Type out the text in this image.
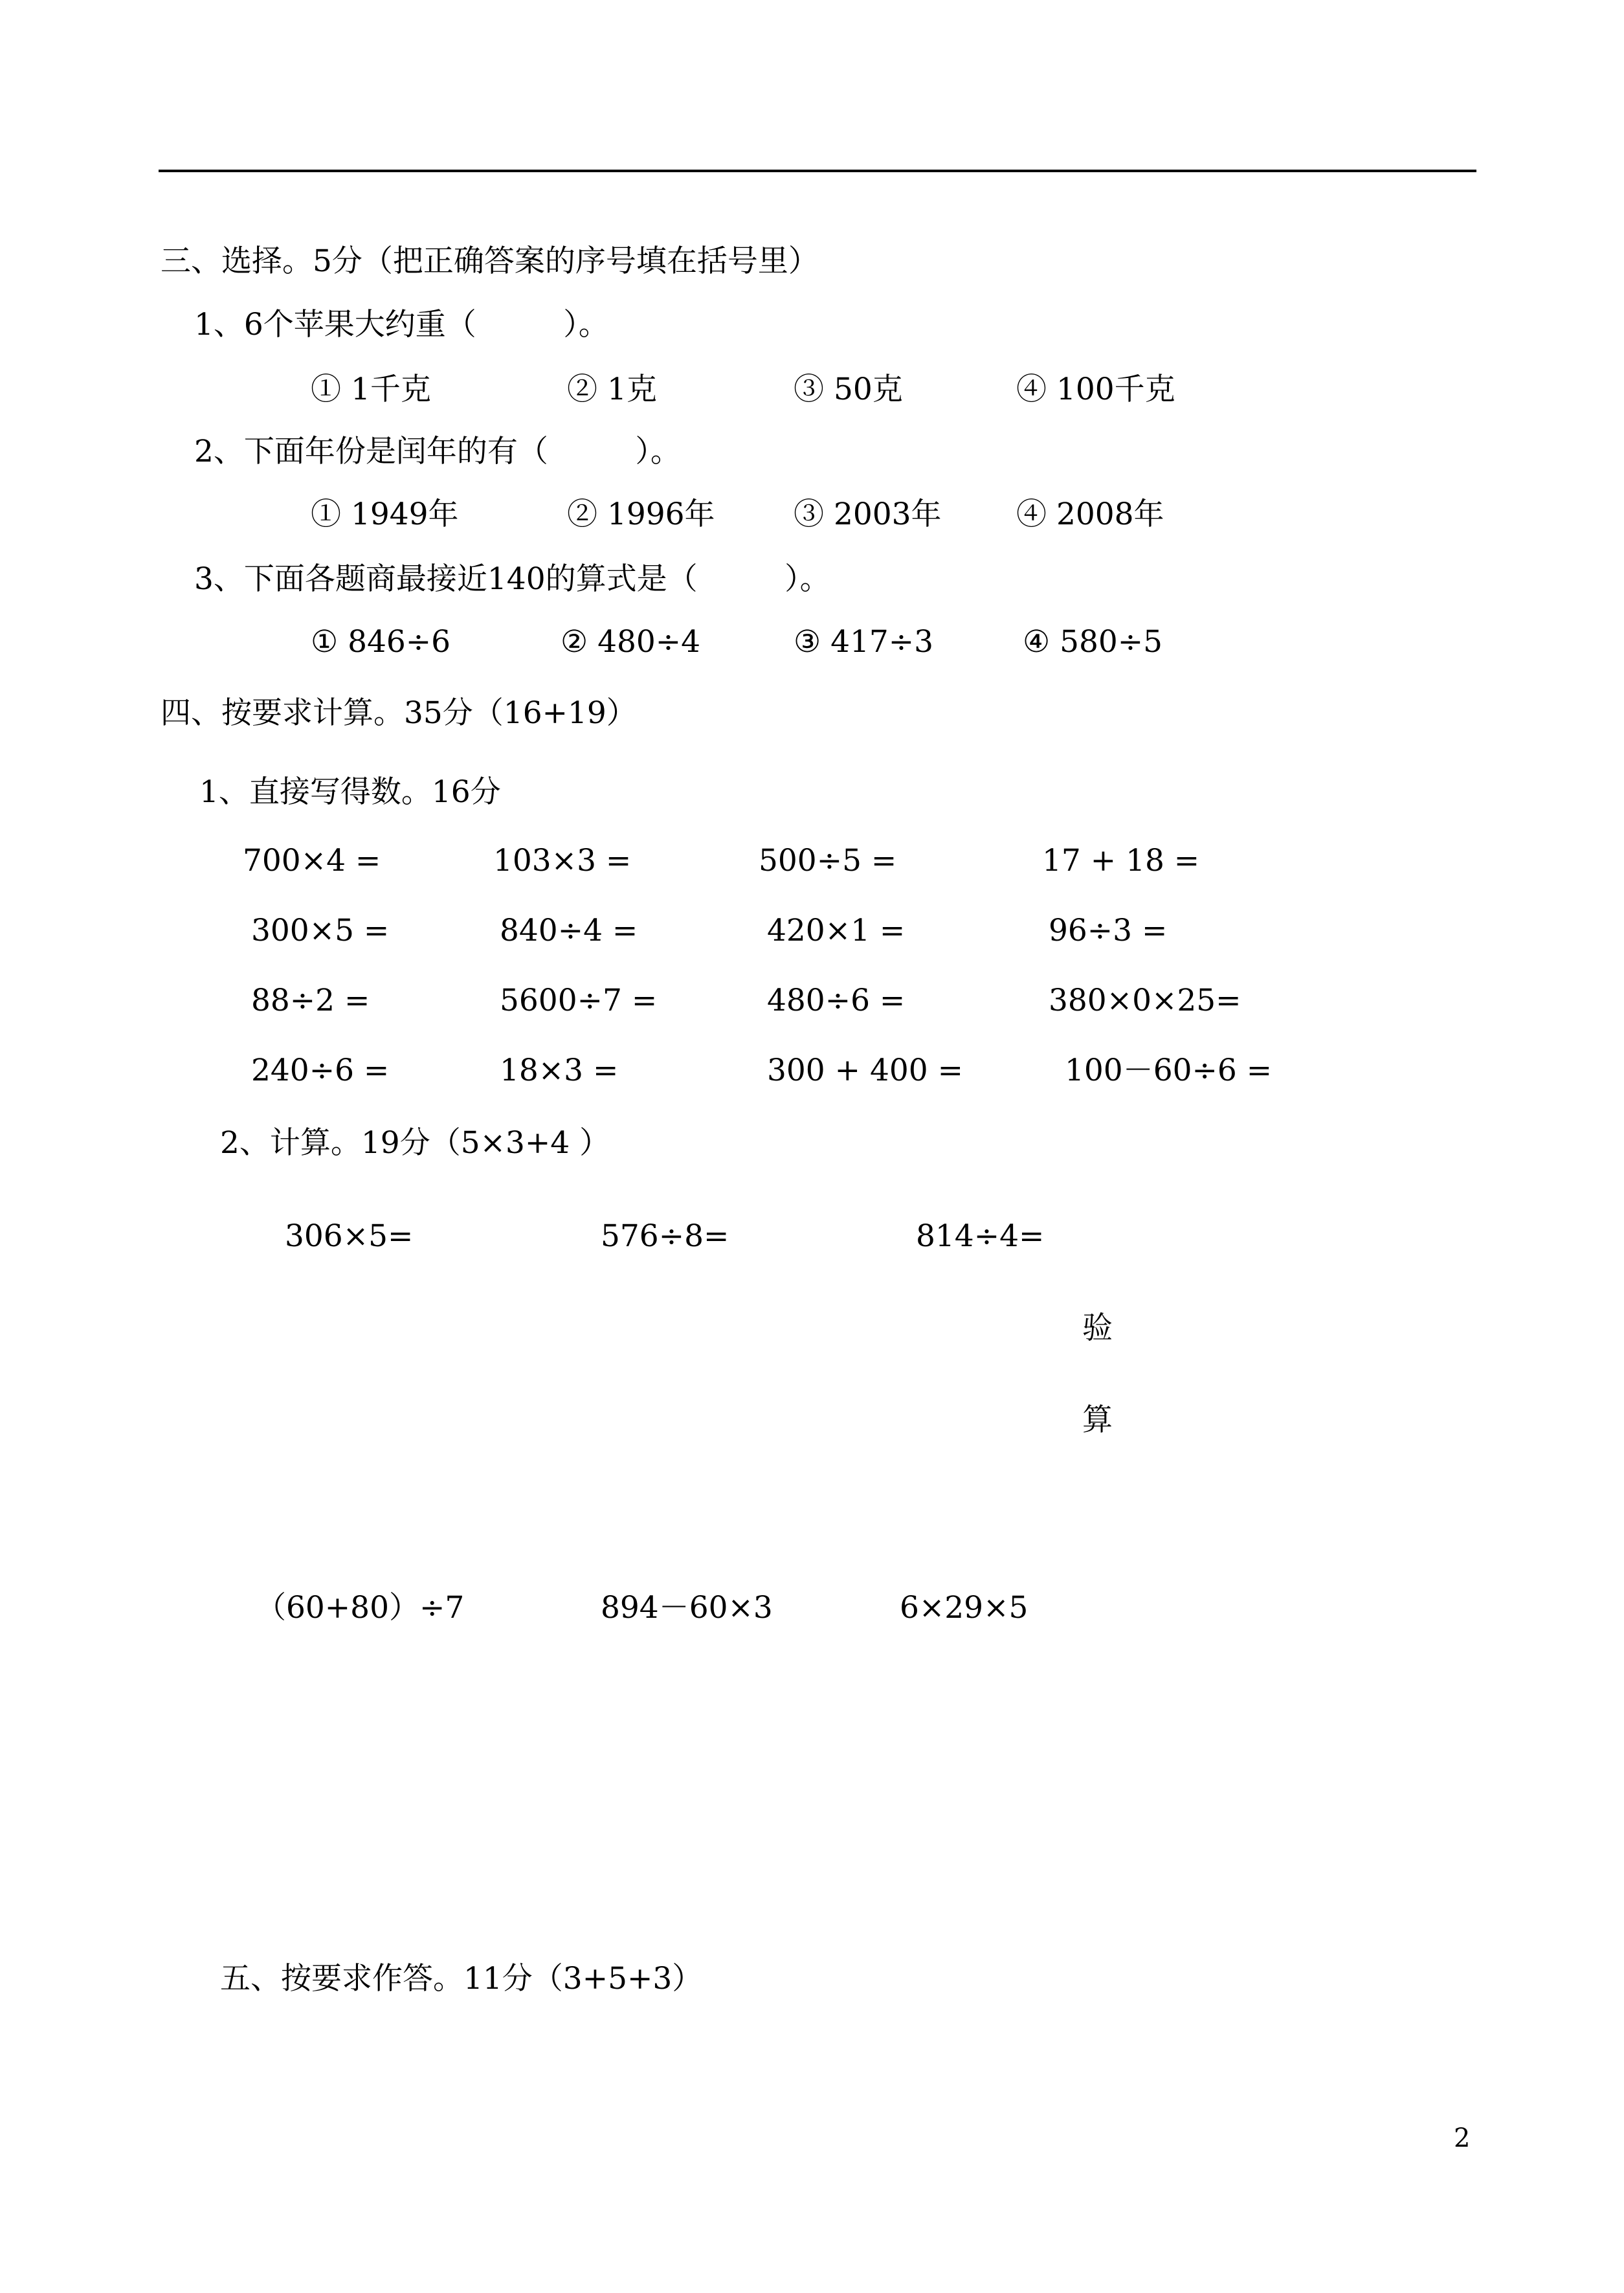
三、选择。5分（把正确答案的序号填在括号里）
1、6个苹果大约重（         ）。
① 1千克	② 1克	③ 50克	④ 100千克
2、下面年份是闰年的有（         ）。
① 1949年	② 1996年	③ 2003年 ④ 2008年
3、下面各题商最接近140的算式是（         ）。
① 846÷6	② 480÷4	③ 417÷3	④ 580÷5
四、按要求计算。35分（16+19）
1、直接写得数。16分
700×4 =	103×3 =	500÷5 =	17 + 18 =
300×5 =	840÷4 =	420×1 =	96÷3 =
88÷2 =	5600÷7 =	480÷6 =	380×0×25=
240÷6 =	18×3 =	300 + 400 =	100－60÷6 =
2、计算。19分（5×3+4 ）
306×5=	576÷8=	814÷4=
验
算
（60+80）÷7	894－60×3	6×29×5
五、按要求作答。11分（3+5+3）
2
